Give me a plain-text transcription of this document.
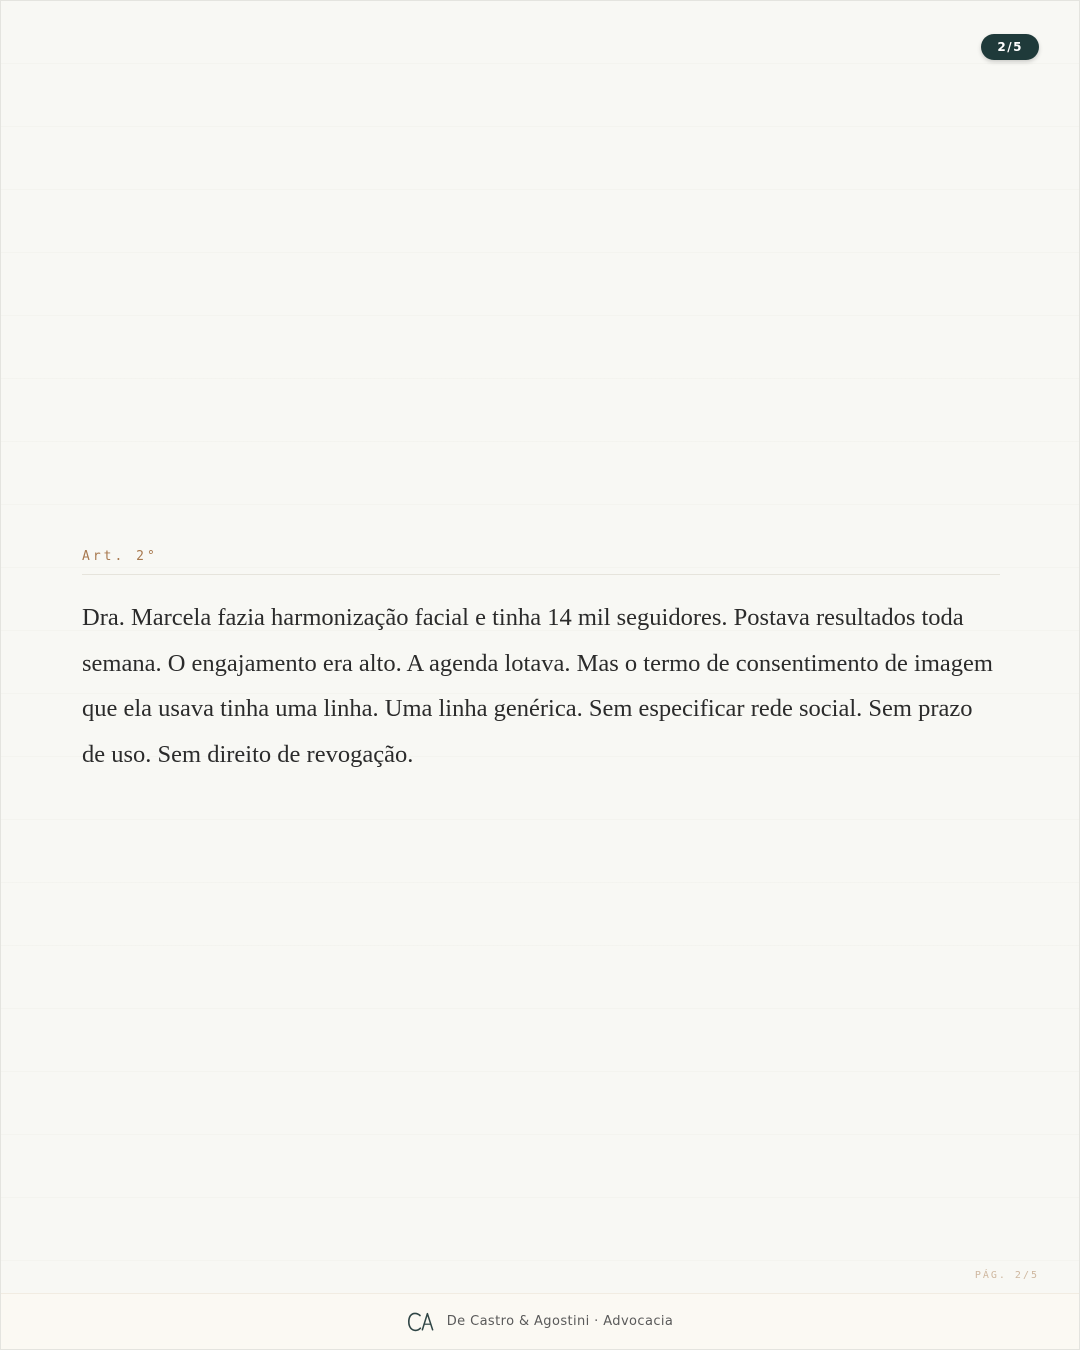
2/5
Art. 2°

Dra. Marcela fazia harmonização facial e tinha 14 mil seguidores. Postava resultados toda semana. O engajamento era alto. A agenda lotava. Mas o termo de consentimento de imagem que ela usava tinha uma linha. Uma linha genérica. Sem especificar rede social. Sem prazo de uso. Sem direito de revogação.

PÁG. 2/5
De Castro & Agostini · Advocacia
